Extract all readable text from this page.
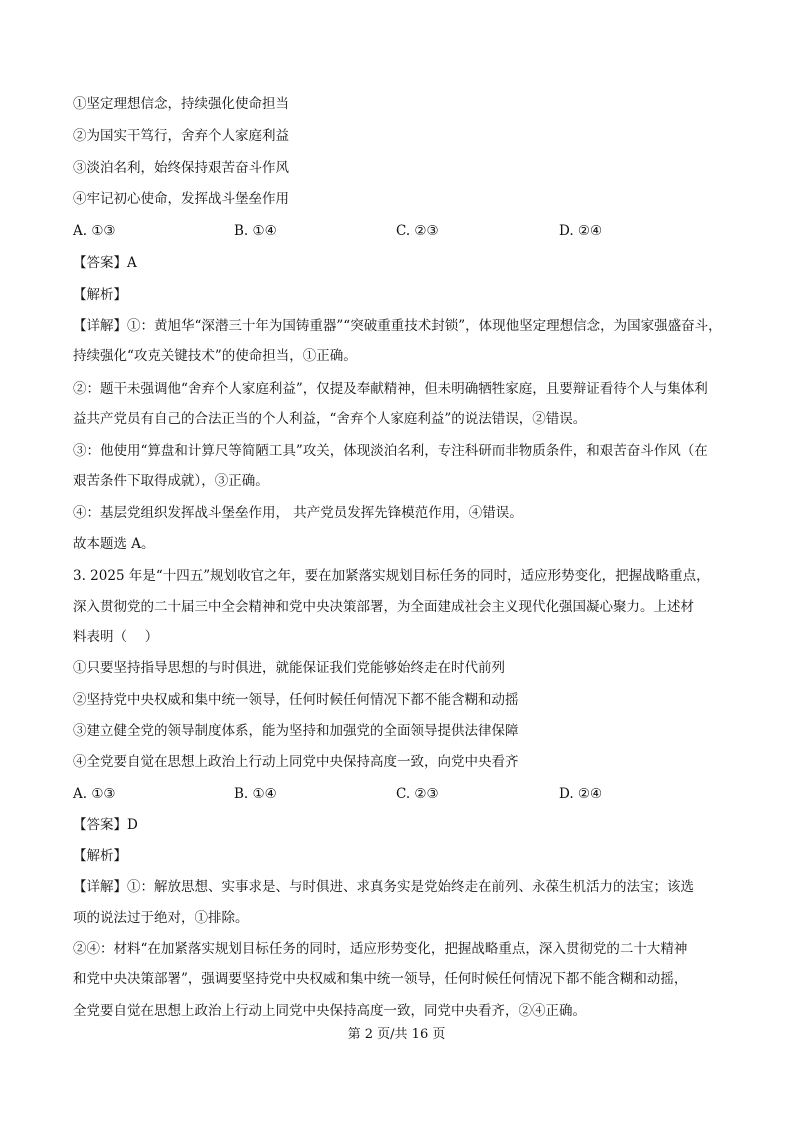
①坚定理想信念，持续强化使命担当
②为国实干笃行，舍弃个人家庭利益
③淡泊名利，始终保持艰苦奋斗作风
④牢记初心使命，发挥战斗堡垒作用
A. ①③	B. ①④	C. ②③	D. ②④
【答案】A
【解析】
【详解】①：黄旭华“深潜三十年为国铸重器”“突破重重技术封锁”，体现他坚定理想信念，为国家强盛奋斗，
持续强化“攻克关键技术”的使命担当，①正确。
②：题干未强调他“舍弃个人家庭利益”，仅提及奉献精神，但未明确牺牲家庭，且要辩证看待个人与集体利
益共产党员有自己的合法正当的个人利益，“舍弃个人家庭利益”的说法错误，②错误。
③：他使用“算盘和计算尺等简陋工具”攻关，体现淡泊名利，专注科研而非物质条件，和艰苦奋斗作风（在
艰苦条件下取得成就），③正确。
④：基层党组织发挥战斗堡垒作用， 共产党员发挥先锋模范作用，④错误。
故本题选 A。
3. 2025 年是“十四五”规划收官之年，要在加紧落实规划目标任务的同时，适应形势变化，把握战略重点，
深入贯彻党的二十届三中全会精神和党中央决策部署，为全面建成社会主义现代化强国凝心聚力。上述材
料表明（　 ）
①只要坚持指导思想的与时俱进，就能保证我们党能够始终走在时代前列
②坚持党中央权威和集中统一领导，任何时候任何情况下都不能含糊和动摇
③建立健全党的领导制度体系，能为坚持和加强党的全面领导提供法律保障
④全党要自觉在思想上政治上行动上同党中央保持高度一致，向党中央看齐
A. ①③	B. ①④	C. ②③	D. ②④
【答案】D
【解析】
【详解】①：解放思想、实事求是、与时俱进、求真务实是党始终走在前列、永葆生机活力的法宝；该选
项的说法过于绝对，①排除。
②④：材料“在加紧落实规划目标任务的同时，适应形势变化，把握战略重点，深入贯彻党的二十大精神
和党中央决策部署”，强调要坚持党中央权威和集中统一领导，任何时候任何情况下都不能含糊和动摇，
全党要自觉在思想上政治上行动上同党中央保持高度一致，同党中央看齐，②④正确。
第 2 页/共 16 页
